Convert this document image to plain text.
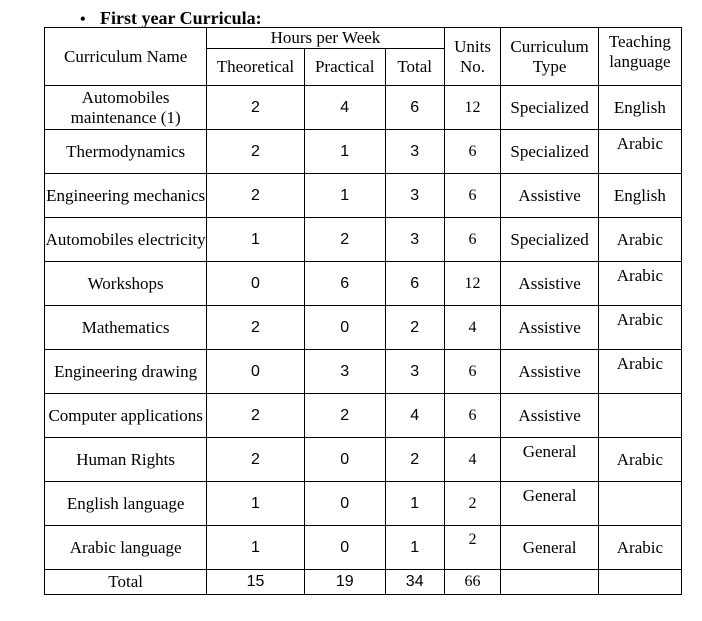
• First year Curricula:
Curriculum Name	Hours per Week			Units No.	Curriculum Type	Teaching language
	Theoretical	Practical	Total			
Automobiles maintenance (1)	2	4	6	12	Specialized	English
Thermodynamics	2	1	3	6	Specialized	Arabic
Engineering mechanics	2	1	3	6	Assistive	English
Automobiles electricity	1	2	3	6	Specialized	Arabic
Workshops	0	6	6	12	Assistive	Arabic
Mathematics	2	0	2	4	Assistive	Arabic
Engineering drawing	0	3	3	6	Assistive	Arabic
Computer applications	2	2	4	6	Assistive	
Human Rights	2	0	2	4	General	Arabic
English language	1	0	1	2	General	
Arabic language	1	0	1	2	General	Arabic
Total	15	19	34	66		
